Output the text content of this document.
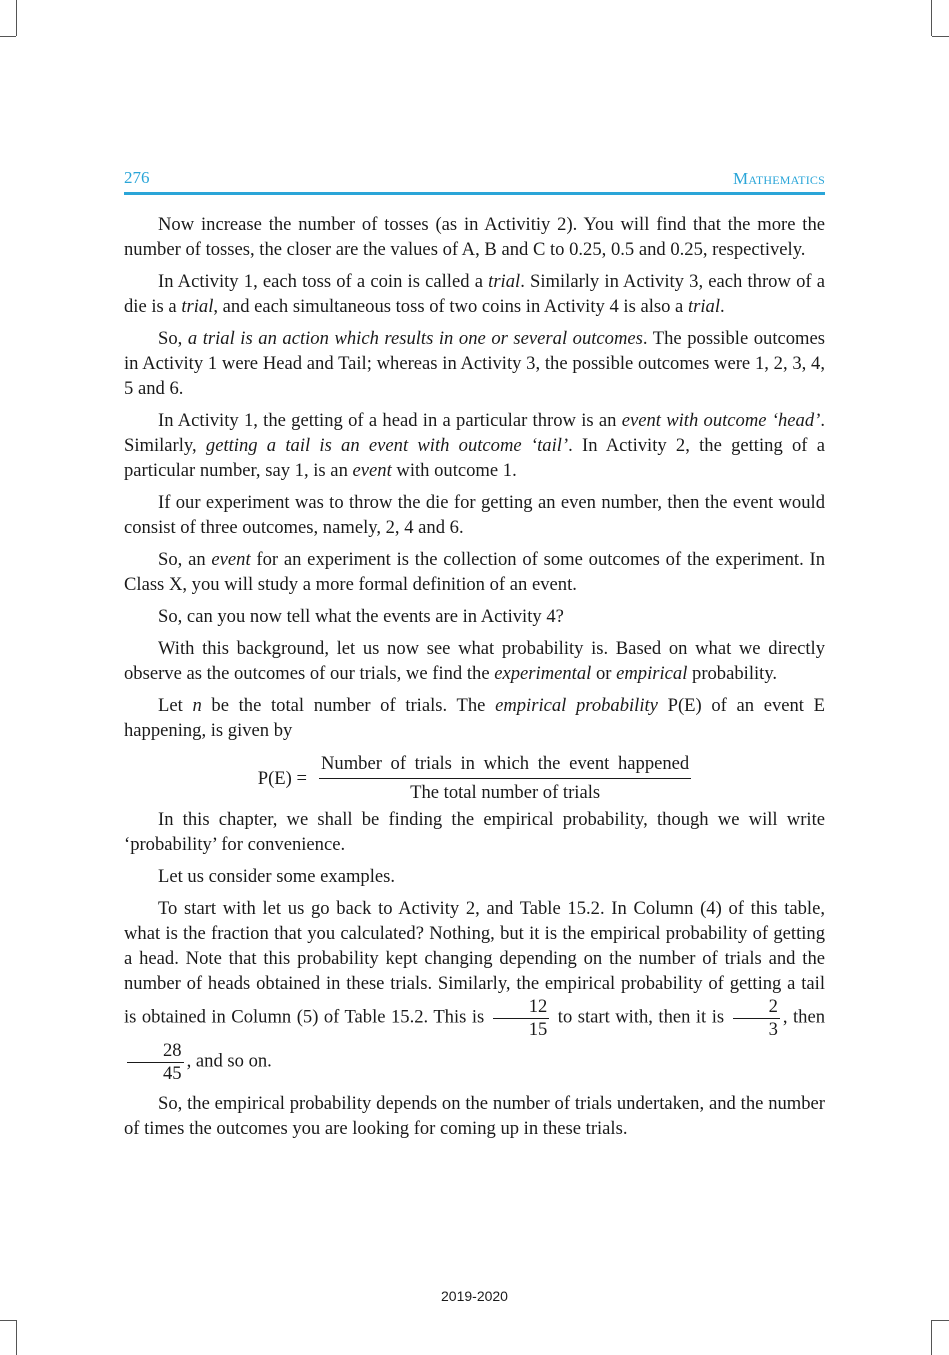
276	Mathematics

Now increase the number of tosses (as in Activitiy 2). You will find that the more the number of tosses, the closer are the values of A, B and C to 0.25, 0.5 and 0.25, respectively.

In Activity 1, each toss of a coin is called a trial. Similarly in Activity 3, each throw of a die is a trial, and each simultaneous toss of two coins in Activity 4 is also a trial.

So, a trial is an action which results in one or several outcomes. The possible outcomes in Activity 1 were Head and Tail; whereas in Activity 3, the possible outcomes were 1, 2, 3, 4, 5 and 6.

In Activity 1, the getting of a head in a particular throw is an event with outcome ‘head’. Similarly, getting a tail is an event with outcome ‘tail’. In Activity 2, the getting of a particular number, say 1, is an event with outcome 1.

If our experiment was to throw the die for getting an even number, then the event would consist of three outcomes, namely, 2, 4 and 6.

So, an event for an experiment is the collection of some outcomes of the experiment. In Class X, you will study a more formal definition of an event.

So, can you now tell what the events are in Activity 4?

With this background, let us now see what probability is. Based on what we directly observe as the outcomes of our trials, we find the experimental or empirical probability.

Let n be the total number of trials. The empirical probability P(E) of an event E happening, is given by

$P(E) = \frac{\text{Number of trials in which the event happened}}{\text{The total number of trials}}$

In this chapter, we shall be finding the empirical probability, though we will write ‘probability’ for convenience.

Let us consider some examples.

To start with let us go back to Activity 2, and Table 15.2. In Column (4) of this table, what is the fraction that you calculated? Nothing, but it is the empirical probability of getting a head. Note that this probability kept changing depending on the number of trials and the number of heads obtained in these trials. Similarly, the empirical probability of getting a tail is obtained in Column (5) of Table 15.2. This is $\frac{12}{15}$ to start with, then it is $\frac{2}{3}$ , then
$\frac{28}{45}$ , and so on.

So, the empirical probability depends on the number of trials undertaken, and the number of times the outcomes you are looking for coming up in these trials.

2019-2020
